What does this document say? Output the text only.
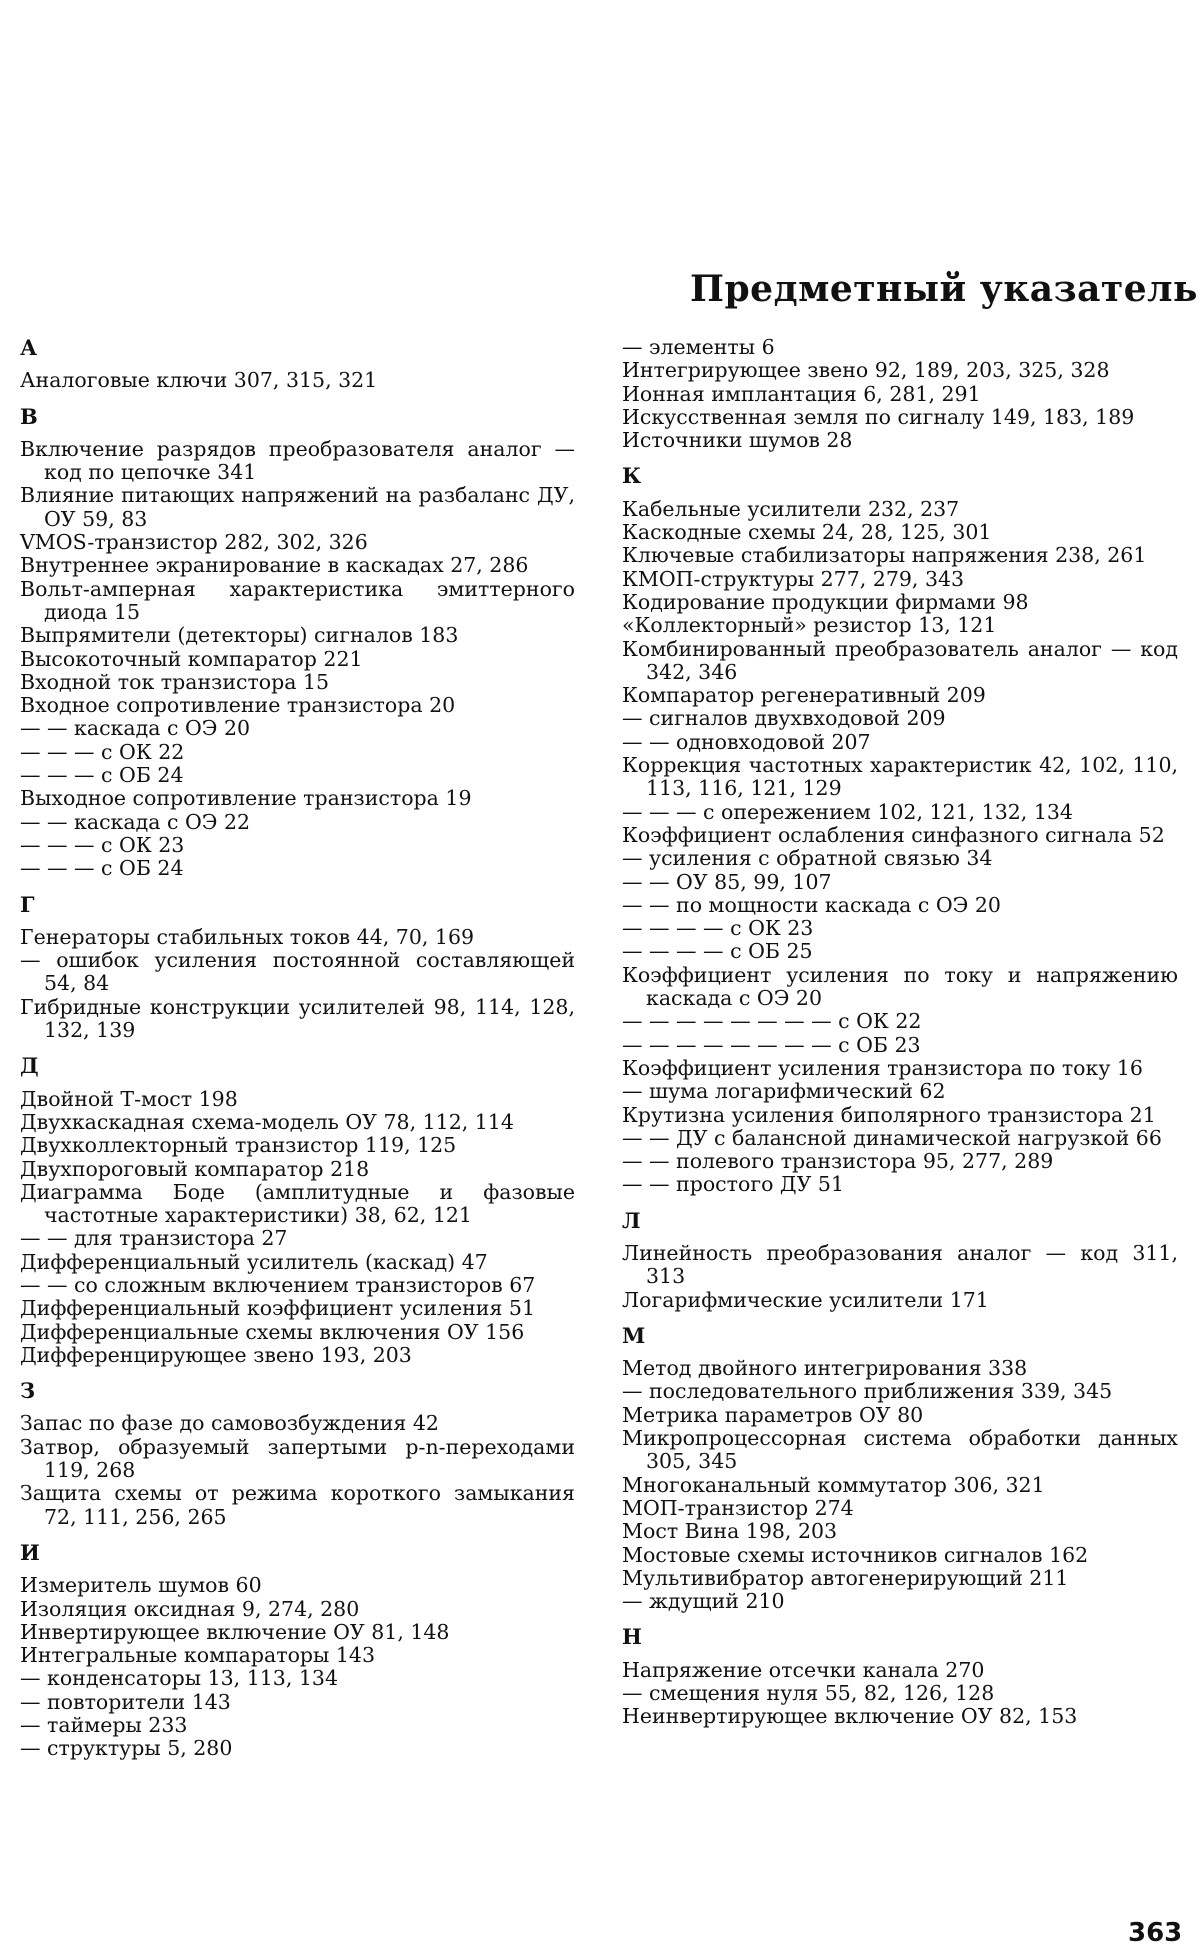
Предметный указатель
А
Аналоговые ключи 307, 315, 321
В
Включение разрядов преобразователя аналог — код по цепочке 341
Влияние питающих напряжений на разбаланс ДУ, ОУ 59, 83
VMOS-транзистор 282, 302, 326
Внутреннее экранирование в каскадах 27, 286
Вольт-амперная характеристика эмиттерного диода 15
Выпрямители (детекторы) сигналов 183
Высокоточный компаратор 221
Входной ток транзистора 15
Входное сопротивление транзистора 20
— — каскада с ОЭ 20
— — — с ОК 22
— — — с ОБ 24
Выходное сопротивление транзистора 19
— — каскада с ОЭ 22
— — — с ОК 23
— — — с ОБ 24
Г
Генераторы стабильных токов 44, 70, 169
— ошибок усиления постоянной составляющей 54, 84
Гибридные конструкции усилителей 98, 114, 128, 132, 139
Д
Двойной Т-мост 198
Двухкаскадная схема-модель ОУ 78, 112, 114
Двухколлекторный транзистор 119, 125
Двухпороговый компаратор 218
Диаграмма Боде (амплитудные и фазовые частотные характеристики) 38, 62, 121
— — для транзистора 27
Дифференциальный усилитель (каскад) 47
— — со сложным включением транзисторов 67
Дифференциальный коэффициент усиления 51
Дифференциальные схемы включения ОУ 156
Дифференцирующее звено 193, 203
З
Запас по фазе до самовозбуждения 42
Затвор, образуемый запертыми p-n-переходами 119, 268
Защита схемы от режима короткого замыкания 72, 111, 256, 265
И
Измеритель шумов 60
Изоляция оксидная 9, 274, 280
Инвертирующее включение ОУ 81, 148
Интегральные компараторы 143
— конденсаторы 13, 113, 134
— повторители 143
— таймеры 233
— структуры 5, 280
— элементы 6
Интегрирующее звено 92, 189, 203, 325, 328
Ионная имплантация 6, 281, 291
Искусственная земля по сигналу 149, 183, 189
Источники шумов 28
К
Кабельные усилители 232, 237
Каскодные схемы 24, 28, 125, 301
Ключевые стабилизаторы напряжения 238, 261
КМОП-структуры 277, 279, 343
Кодирование продукции фирмами 98
«Коллекторный» резистор 13, 121
Комбинированный преобразователь аналог — код 342, 346
Компаратор регенеративный 209
— сигналов двухвходовой 209
— — одновходовой 207
Коррекция частотных характеристик 42, 102, 110, 113, 116, 121, 129
— — — с опережением 102, 121, 132, 134
Коэффициент ослабления синфазного сигнала 52
— усиления с обратной связью 34
— — ОУ 85, 99, 107
— — по мощности каскада с ОЭ 20
— — — — с ОК 23
— — — — с ОБ 25
Коэффициент усиления по току и напряжению каскада с ОЭ 20
— — — — — — — — с ОК 22
— — — — — — — — с ОБ 23
Коэффициент усиления транзистора по току 16
— шума логарифмический 62
Крутизна усиления биполярного транзистора 21
— — ДУ с балансной динамической нагрузкой 66
— — полевого транзистора 95, 277, 289
— — простого ДУ 51
Л
Линейность преобразования аналог — код 311, 313
Логарифмические усилители 171
М
Метод двойного интегрирования 338
— последовательного приближения 339, 345
Метрика параметров ОУ 80
Микропроцессорная система обработки данных 305, 345
Многоканальный коммутатор 306, 321
МОП-транзистор 274
Мост Вина 198, 203
Мостовые схемы источников сигналов 162
Мультивибратор автогенерирующий 211
— ждущий 210
Н
Напряжение отсечки канала 270
— смещения нуля 55, 82, 126, 128
Неинвертирующее включение ОУ 82, 153
363
